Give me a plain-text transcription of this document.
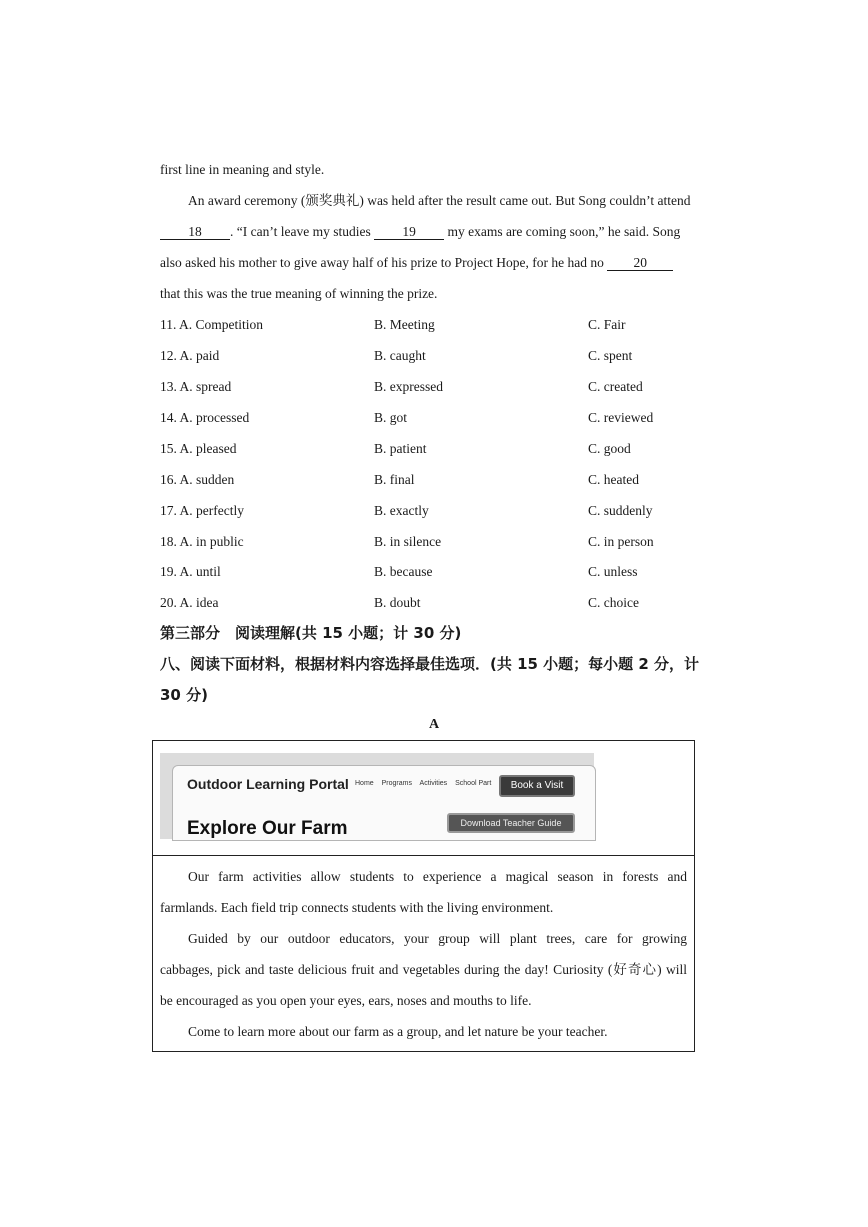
first line in meaning and style.
An award ceremony (颁奖典礼) was held after the result came out. But Song couldn’t attend
18 . “I can’t leave my studies 19 my exams are coming soon,” he said. Song
also asked his mother to give away half of his prize to Project Hope, for he had no 20
that this was the true meaning of winning the prize.
11. A. Competition	B. Meeting	C. Fair
12. A. paid	B. caught	C. spent
13. A. spread	B. expressed	C. created
14. A. processed	B. got	C. reviewed
15. A. pleased	B. patient	C. good
16. A. sudden	B. final	C. heated
17. A. perfectly	B. exactly	C. suddenly
18. A. in public	B. in silence	C. in person
19. A. until	B. because	C. unless
20. A. idea	B. doubt	C. choice
第三部分　阅读理解(共 15 小题；计 30 分)
八、阅读下面材料，根据材料内容选择最佳选项．(共 15 小题；每小题 2 分，计
30 分)
A
Outdoor Learning Portal Home Programs Activities School Part	Book a Visit
Explore Our Farm	Download Teacher Guide
Our farm activities allow students to experience a magical season in forests and
farmlands. Each field trip connects students with the living environment.
Guided by our outdoor educators, your group will plant trees, care for growing
cabbages, pick and taste delicious fruit and vegetables during the day! Curiosity (好奇心) will
be encouraged as you open your eyes, ears, noses and mouths to life.
Come to learn more about our farm as a group, and let nature be your teacher.
